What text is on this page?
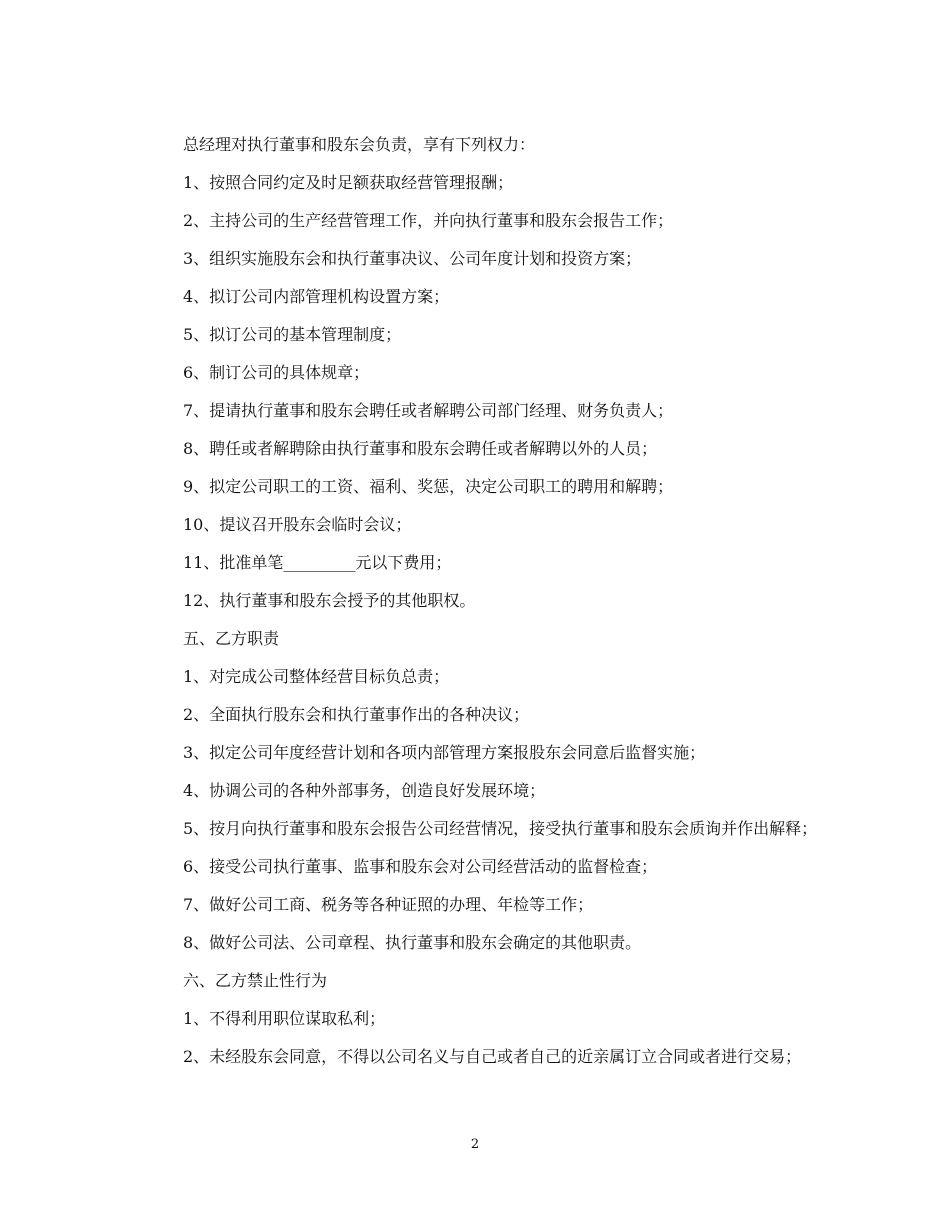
总经理对执行董事和股东会负责，享有下列权力：

1、按照合同约定及时足额获取经营管理报酬；

2、主持公司的生产经营管理工作，并向执行董事和股东会报告工作；

3、组织实施股东会和执行董事决议、公司年度计划和投资方案；

4、拟订公司内部管理机构设置方案；

5、拟订公司的基本管理制度；

6、制订公司的具体规章；

7、提请执行董事和股东会聘任或者解聘公司部门经理、财务负责人；

8、聘任或者解聘除由执行董事和股东会聘任或者解聘以外的人员；

9、拟定公司职工的工资、福利、奖惩，决定公司职工的聘用和解聘；

10、提议召开股东会临时会议；

11、批准单笔_________元以下费用；

12、执行董事和股东会授予的其他职权。

五、乙方职责

1、对完成公司整体经营目标负总责；

2、全面执行股东会和执行董事作出的各种决议；

3、拟定公司年度经营计划和各项内部管理方案报股东会同意后监督实施；

4、协调公司的各种外部事务，创造良好发展环境；

5、按月向执行董事和股东会报告公司经营情况，接受执行董事和股东会质询并作出解释；

6、接受公司执行董事、监事和股东会对公司经营活动的监督检查；

7、做好公司工商、税务等各种证照的办理、年检等工作；

8、做好公司法、公司章程、执行董事和股东会确定的其他职责。

六、乙方禁止性行为

1、不得利用职位谋取私利；

2、未经股东会同意，不得以公司名义与自己或者自己的近亲属订立合同或者进行交易；

2
